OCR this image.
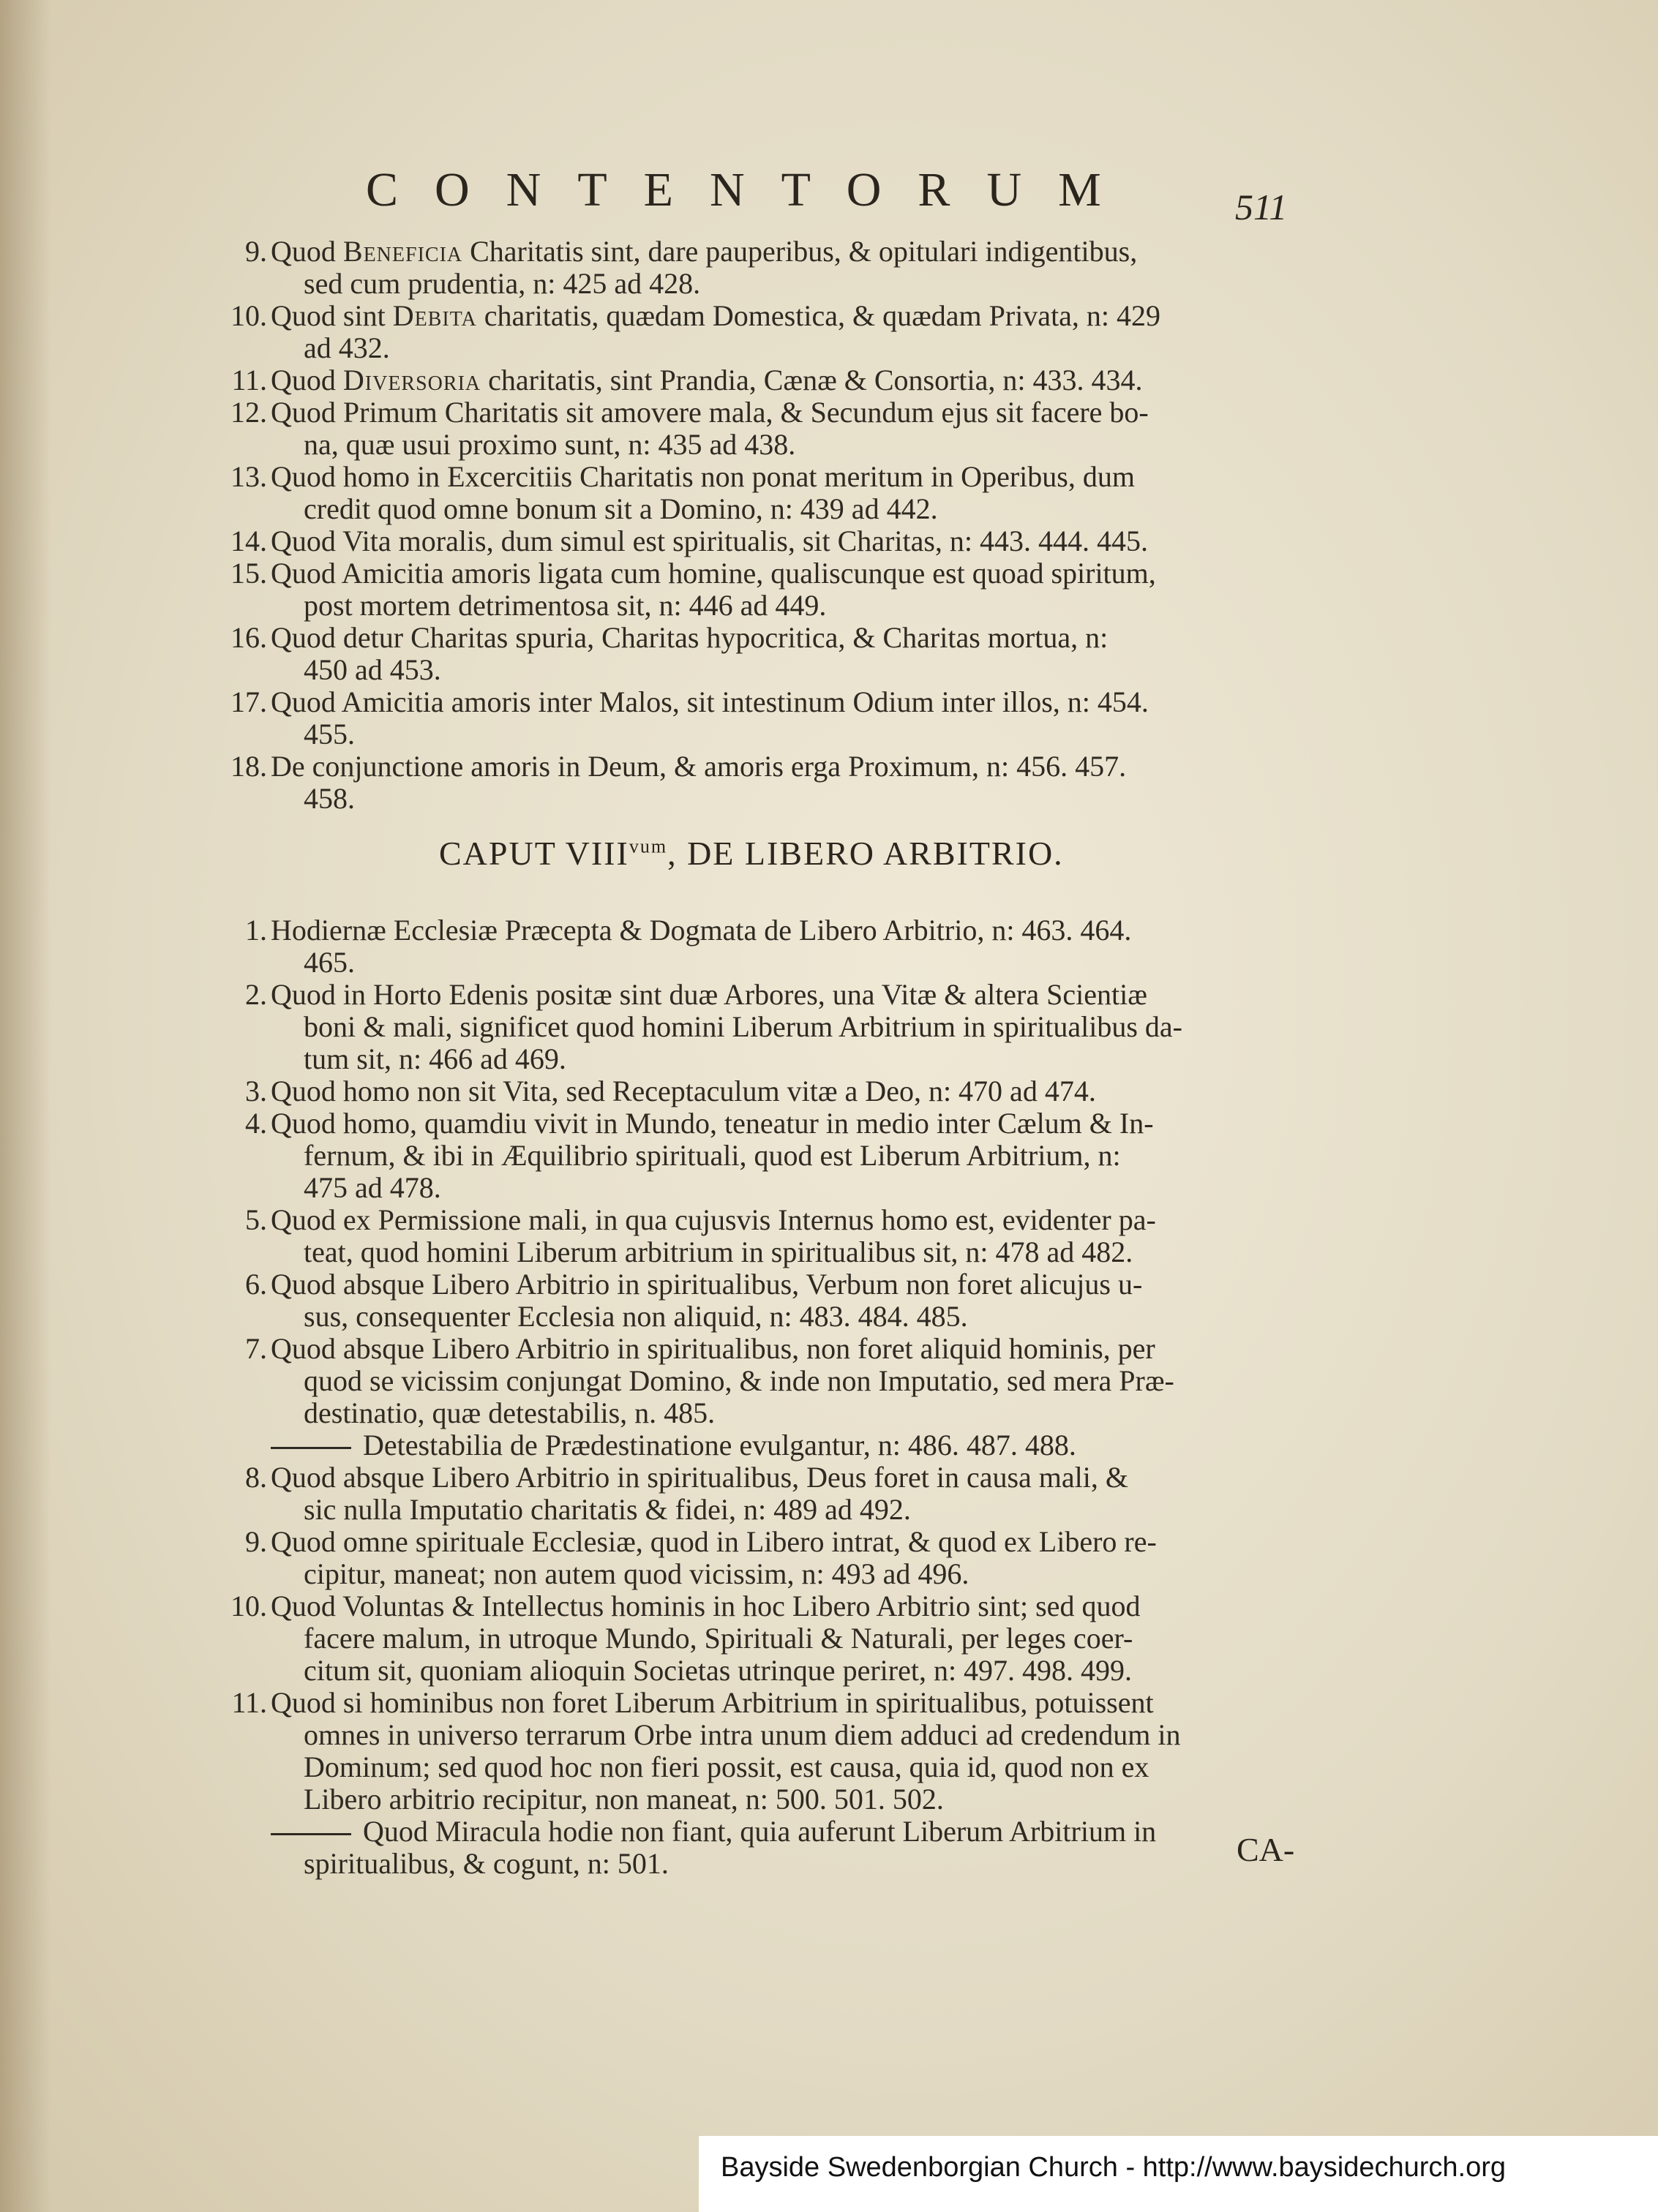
CONTENTORUM	511
9. Quod Beneficia Charitatis sint, dare pauperibus, & opitulari indigentibus,
sed cum prudentia, n: 425 ad 428.
10. Quod sint Debita charitatis, quædam Domestica, & quædam Privata, n: 429
ad 432.
11. Quod Diversoria charitatis, sint Prandia, Cænæ & Consortia, n: 433. 434.
12. Quod Primum Charitatis sit amovere mala, & Secundum ejus sit facere bo-
na, quæ usui proximo sunt, n: 435 ad 438.
13. Quod homo in Excercitiis Charitatis non ponat meritum in Operibus, dum
credit quod omne bonum sit a Domino, n: 439 ad 442.
14. Quod Vita moralis, dum simul est spiritualis, sit Charitas, n: 443. 444. 445.
15. Quod Amicitia amoris ligata cum homine, qualiscunque est quoad spiritum,
post mortem detrimentosa sit, n: 446 ad 449.
16. Quod detur Charitas spuria, Charitas hypocritica, & Charitas mortua, n:
450 ad 453.
17. Quod Amicitia amoris inter Malos, sit intestinum Odium inter illos, n: 454.
455.
18. De conjunctione amoris in Deum, & amoris erga Proximum, n: 456. 457.
458.
CAPUT $VIII^{vum}$, DE LIBERO ARBITRIO.
1. Hodiernæ Ecclesiæ Præcepta & Dogmata de Libero Arbitrio, n: 463. 464.
465.
2. Quod in Horto Edenis positæ sint duæ Arbores, una Vitæ & altera Scientiæ
boni & mali, significet quod homini Liberum Arbitrium in spiritualibus da-
tum sit, n: 466 ad 469.
3. Quod homo non sit Vita, sed Receptaculum vitæ a Deo, n: 470 ad 474.
4. Quod homo, quamdiu vivit in Mundo, teneatur in medio inter Cælum & In-
fernum, & ibi in Æquilibrio spirituali, quod est Liberum Arbitrium, n:
475 ad 478.
5. Quod ex Permissione mali, in qua cujusvis Internus homo est, evidenter pa-
teat, quod homini Liberum arbitrium in spiritualibus sit, n: 478 ad 482.
6. Quod absque Libero Arbitrio in spiritualibus, Verbum non foret alicujus u-
sus, consequenter Ecclesia non aliquid, n: 483. 484. 485.
7. Quod absque Libero Arbitrio in spiritualibus, non foret aliquid hominis, per
quod se vicissim conjungat Domino, & inde non Imputatio, sed mera Præ-
destinatio, quæ detestabilis, n. 485.
Detestabilia de Prædestinatione evulgantur, n: 486. 487. 488.
8. Quod absque Libero Arbitrio in spiritualibus, Deus foret in causa mali, &
sic nulla Imputatio charitatis & fidei, n: 489 ad 492.
9. Quod omne spirituale Ecclesiæ, quod in Libero intrat, & quod ex Libero re-
cipitur, maneat; non autem quod vicissim, n: 493 ad 496.
10. Quod Voluntas & Intellectus hominis in hoc Libero Arbitrio sint; sed quod
facere malum, in utroque Mundo, Spirituali & Naturali, per leges coer-
citum sit, quoniam alioquin Societas utrinque periret, n: 497. 498. 499.
11. Quod si hominibus non foret Liberum Arbitrium in spiritualibus, potuissent
omnes in universo terrarum Orbe intra unum diem adduci ad credendum in
Dominum; sed quod hoc non fieri possit, est causa, quia id, quod non ex
Libero arbitrio recipitur, non maneat, n: 500. 501. 502.
Quod Miracula hodie non fiant, quia auferunt Liberum Arbitrium in
spiritualibus, & cogunt, n: 501.	CA-
Bayside Swedenborgian Church - http://www.baysidechurch.org
